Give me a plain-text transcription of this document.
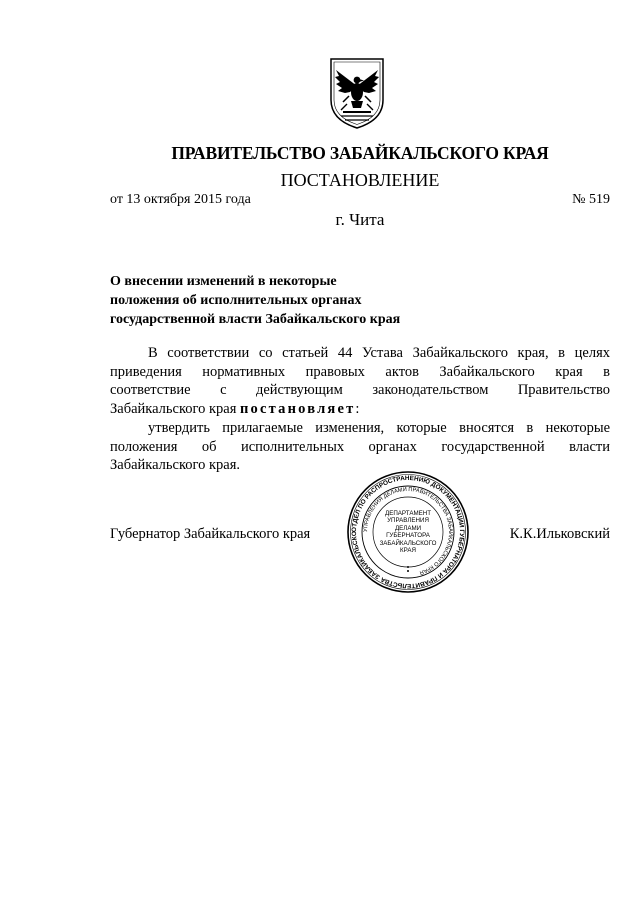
ПРАВИТЕЛЬСТВО ЗАБАЙКАЛЬСКОГО КРАЯ
ПОСТАНОВЛЕНИЕ
от 13 октября 2015 года	№ 519
г. Чита
О внесении изменений в некоторые
положения об исполнительных органах
государственной власти Забайкальского края
В соответствии со статьей 44 Устава Забайкальского края, в целях
приведения нормативных правовых актов Забайкальского края в
соответствие с действующим законодательством Правительство
Забайкальского края постановляет:
утвердить прилагаемые изменения, которые вносятся в некоторые
положения об исполнительных органах государственной власти
Забайкальского края.
ОТДЕЛ ПО РАСПРОСТРАНЕНИЮ ДОКУМЕНТАЦИИ ГУБЕРНАТОРА И ПРАВИТЕЛЬСТВА ЗАБАЙКАЛЬСКО
УПРАВЛЕНИЯ ДЕЛАМИ ПРАВИТЕЛЬСТВА ЗАБАЙКАЛЬСКОГО КРАЯ
ДЕПАРТАМЕНТ
УПРАВЛЕНИЯ
ДЕЛАМИ
ГУБЕРНАТОРА
ЗАБАЙКАЛЬСКОГО
КРАЯ
Губернатор Забайкальского края	К.К.Ильковский
